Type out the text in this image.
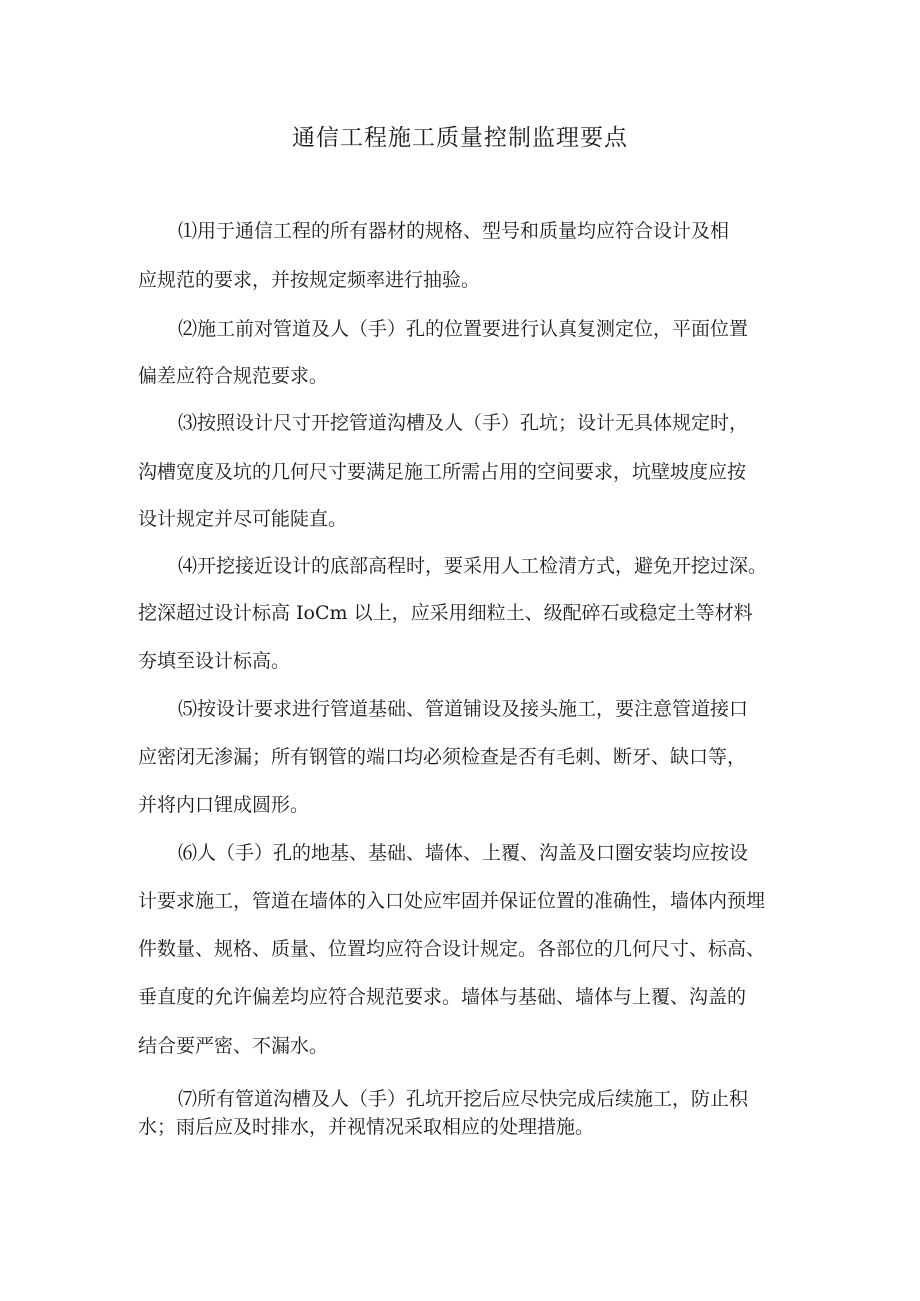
通信工程施工质量控制监理要点

⑴用于通信工程的所有器材的规格、型号和质量均应符合设计及相

应规范的要求，并按规定频率进行抽验。

⑵施工前对管道及人（手）孔的位置要进行认真复测定位，平面位置

偏差应符合规范要求。

⑶按照设计尺寸开挖管道沟槽及人（手）孔坑；设计无具体规定时，

沟槽宽度及坑的几何尺寸要满足施工所需占用的空间要求，坑壁坡度应按

设计规定并尽可能陡直。

⑷开挖接近设计的底部高程时，要采用人工检清方式，避免开挖过深。

挖深超过设计标高 IoCm 以上，应采用细粒土、级配碎石或稳定土等材料

夯填至设计标高。

⑸按设计要求进行管道基础、管道铺设及接头施工，要注意管道接口

应密闭无渗漏；所有钢管的端口均必须检查是否有毛刺、断牙、缺口等，

并将内口锂成圆形。

⑹人（手）孔的地基、基础、墙体、上覆、沟盖及口圈安装均应按设

计要求施工，管道在墙体的入口处应牢固并保证位置的准确性，墙体内预埋

件数量、规格、质量、位置均应符合设计规定。各部位的几何尺寸、标高、

垂直度的允许偏差均应符合规范要求。墙体与基础、墙体与上覆、沟盖的

结合要严密、不漏水。

⑺所有管道沟槽及人（手）孔坑开挖后应尽快完成后续施工，防止积

水；雨后应及时排水，并视情况采取相应的处理措施。
